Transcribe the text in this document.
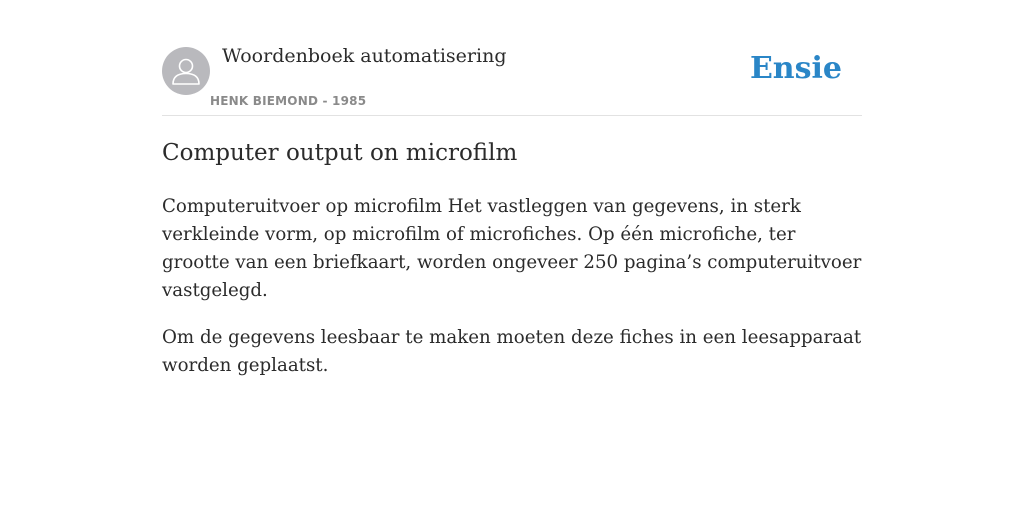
Woordenboek automatisering
HENK BIEMOND - 1985
Ensie
Computer output on microfilm

Computeruitvoer op microfilm Het vastleggen van gegevens, in sterk verkleinde vorm, op microfilm of microfiches. Op één microfiche, ter grootte van een briefkaart, worden ongeveer 250 pagina’s computeruitvoer vastgelegd.

Om de gegevens leesbaar te maken moeten deze fiches in een leesapparaat worden geplaatst.
